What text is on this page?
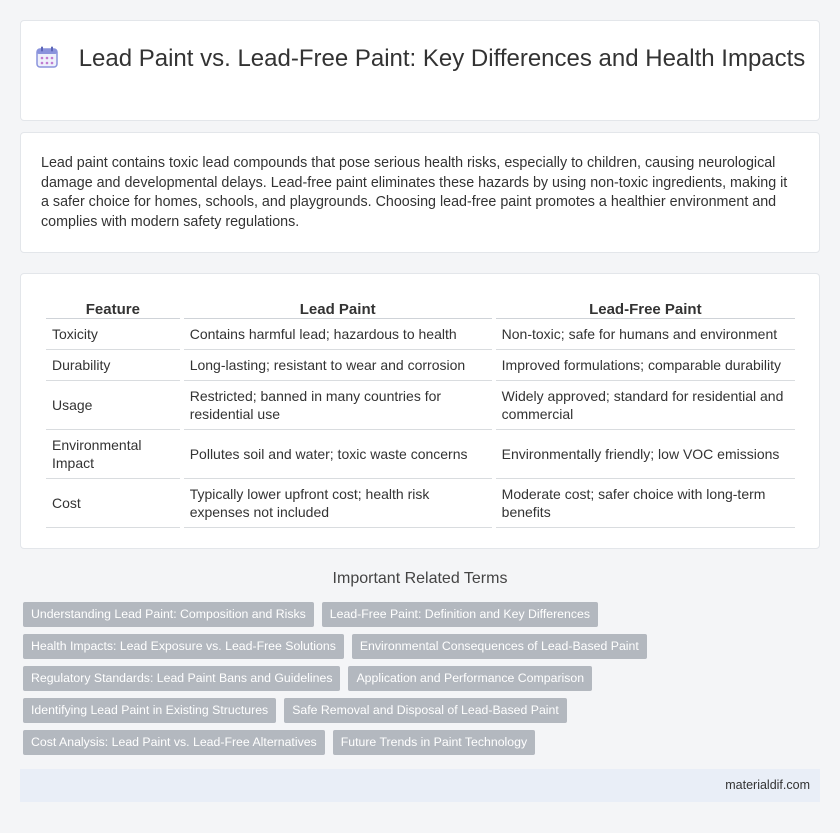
Lead Paint vs. Lead-Free Paint: Key Differences and Health Impacts

Lead paint contains toxic lead compounds that pose serious health risks, especially to children, causing neurological damage and developmental delays. Lead-free paint eliminates these hazards by using non-toxic ingredients, making it a safer choice for homes, schools, and playgrounds. Choosing lead-free paint promotes a healthier environment and complies with modern safety regulations.

Feature	Lead Paint	Lead-Free Paint
Toxicity	Contains harmful lead; hazardous to health	Non-toxic; safe for humans and environment
Durability	Long-lasting; resistant to wear and corrosion	Improved formulations; comparable durability
Usage	Restricted; banned in many countries for residential use	Widely approved; standard for residential and commercial
Environmental Impact	Pollutes soil and water; toxic waste concerns	Environmentally friendly; low VOC emissions
Cost	Typically lower upfront cost; health risk expenses not included	Moderate cost; safer choice with long-term benefits
Important Related Terms
Understanding Lead Paint: Composition and Risks	Lead-Free Paint: Definition and Key Differences
Health Impacts: Lead Exposure vs. Lead-Free Solutions	Environmental Consequences of Lead-Based Paint
Regulatory Standards: Lead Paint Bans and Guidelines	Application and Performance Comparison
Identifying Lead Paint in Existing Structures	Safe Removal and Disposal of Lead-Based Paint
Cost Analysis: Lead Paint vs. Lead-Free Alternatives	Future Trends in Paint Technology
materialdif.com
